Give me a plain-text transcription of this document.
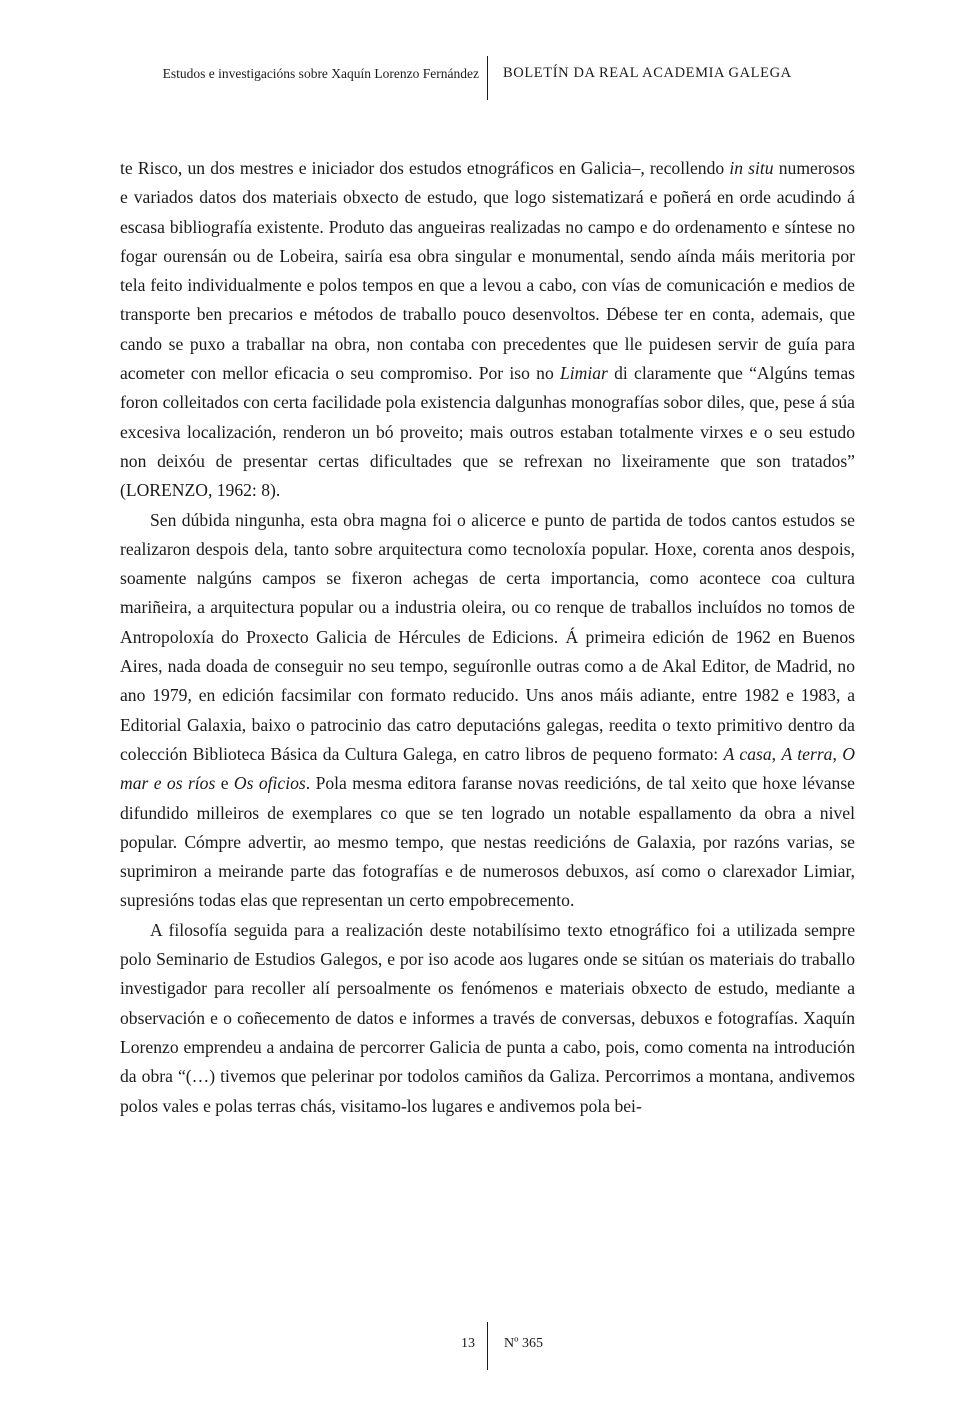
Estudos e investigacións sobre Xaquín Lorenzo Fernández BOLETÍN DA REAL ACADEMIA GALEGA

te Risco, un dos mestres e iniciador dos estudos etnográficos en Galicia–, recollendo in situ numerosos e variados datos dos materiais obxecto de estudo, que logo sistematizará e poñerá en orde acudindo á escasa bibliografía existente. Produto das angueiras realizadas no campo e do ordenamento e síntese no fogar ourensán ou de Lobeira, sairía esa obra singular e monumental, sendo aínda máis meritoria por tela feito individualmente e polos tempos en que a levou a cabo, con vías de comunicación e medios de transporte ben precarios e métodos de traballo pouco desenvoltos. Débese ter en conta, ademais, que cando se puxo a traballar na obra, non contaba con precedentes que lle puidesen servir de guía para acometer con mellor eficacia o seu compromiso. Por iso no Limiar di claramente que “Algúns temas foron colleitados con certa facilidade pola existencia dalgunhas monografías sobor diles, que, pese á súa excesiva localización, renderon un bó proveito; mais outros estaban totalmente virxes e o seu estudo non deixóu de presentar certas dificultades que se refrexan no lixeiramente que son tratados” (LORENZO, 1962: 8).

Sen dúbida ningunha, esta obra magna foi o alicerce e punto de partida de todos cantos estudos se realizaron despois dela, tanto sobre arquitectura como tecnoloxía popular. Hoxe, corenta anos despois, soamente nalgúns campos se fixeron achegas de certa importancia, como acontece coa cultura mariñeira, a arquitectura popular ou a industria oleira, ou co renque de traballos incluídos no tomos de Antropoloxía do Proxecto Galicia de Hércules de Edicions. Á primeira edición de 1962 en Buenos Aires, nada doada de conseguir no seu tempo, seguíronlle outras como a de Akal Editor, de Madrid, no ano 1979, en edición facsimilar con formato reducido. Uns anos máis adiante, entre 1982 e 1983, a Editorial Galaxia, baixo o patrocinio das catro deputacións galegas, reedita o texto primitivo dentro da colección Biblioteca Básica da Cultura Galega, en catro libros de pequeno formato: A casa, A terra, O mar e os ríos e Os oficios. Pola mesma editora faranse novas reedicións, de tal xeito que hoxe lévanse difundido milleiros de exemplares co que se ten logrado un notable espallamento da obra a nivel popular. Cómpre advertir, ao mesmo tempo, que nestas reedicións de Galaxia, por razóns varias, se suprimiron a meirande parte das fotografías e de numerosos debuxos, así como o clarexador Limiar, supresións todas elas que representan un certo empobrecemento.

A filosofía seguida para a realización deste notabilísimo texto etnográfico foi a utilizada sempre polo Seminario de Estudios Galegos, e por iso acode aos lugares onde se sitúan os materiais do traballo investigador para recoller alí persoalmente os fenómenos e materiais obxecto de estudo, mediante a observación e o coñecemento de datos e informes a través de conversas, debuxos e fotografías. Xaquín Lorenzo emprendeu a andaina de percorrer Galicia de punta a cabo, pois, como comenta na introdución da obra “(…) tivemos que pelerinar por todolos camiños da Galiza. Percorrimos a montana, andivemos polos vales e polas terras chás, visitamo-los lugares e andivemos pola bei-

13 Nº 365
